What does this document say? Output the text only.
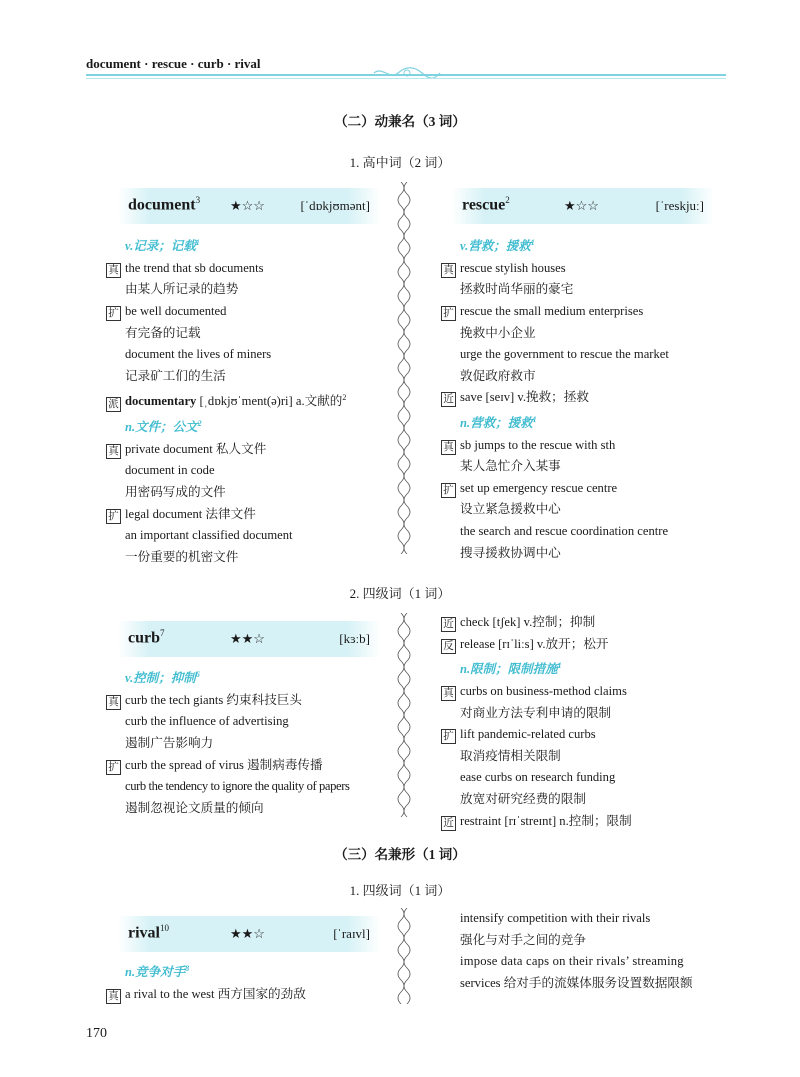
document · rescue · curb · rival
（二）动兼名（3 词）
1. 高中词（2 词）
document$^3$ ★☆☆	[ˈdɒkjʊmənt]
v.记录；记载$^1$
真 the trend that sb documents
由某人所记录的趋势
扩 be well documented
有完备的记载
document the lives of miners
记录矿工们的生活
派 documentary [ˌdɒkjʊˈment(ə)ri] a.文献的$^2$
n.文件；公文$^2$
真 private document 私人文件
document in code
用密码写成的文件
扩 legal document 法律文件
an important classified document
一份重要的机密文件
rescue$^2$	★☆☆	[ˈreskjuː]
v.营救；援救$^1$
真 rescue stylish houses
拯救时尚华丽的豪宅
扩 rescue the small medium enterprises
挽救中小企业
urge the government to rescue the market
敦促政府救市
近 save [seɪv] v.挽救；拯救
n.营救；援救$^1$
真 sb jumps to the rescue with sth
某人急忙介入某事
扩 set up emergency rescue centre
设立紧急援救中心
the search and rescue coordination centre
搜寻援救协调中心
2. 四级词（1 词）
curb$^7$	★★☆	[kɜːb]
v.控制；抑制$^6$
真 curb the tech giants 约束科技巨头
curb the influence of advertising
遏制广告影响力
扩 curb the spread of virus 遏制病毒传播
curb the tendency to ignore the quality of papers
遏制忽视论文质量的倾向
近 check [tʃek] v.控制；抑制
反 release [rɪˈliːs] v.放开；松开
n.限制；限制措施$^1$
真 curbs on business-method claims
对商业方法专利申请的限制
扩 lift pandemic-related curbs
取消疫情相关限制
ease curbs on research funding
放宽对研究经费的限制
近 restraint [rɪˈstreɪnt] n.控制；限制
（三）名兼形（1 词）
1. 四级词（1 词）
rival$^{10}$	★★☆	[ˈraɪvl]
n.竞争对手$^8$
真 a rival to the west 西方国家的劲敌
intensify competition with their rivals
强化与对手之间的竞争
impose data caps on their rivals’ streaming
services 给对手的流媒体服务设置数据限额
170
